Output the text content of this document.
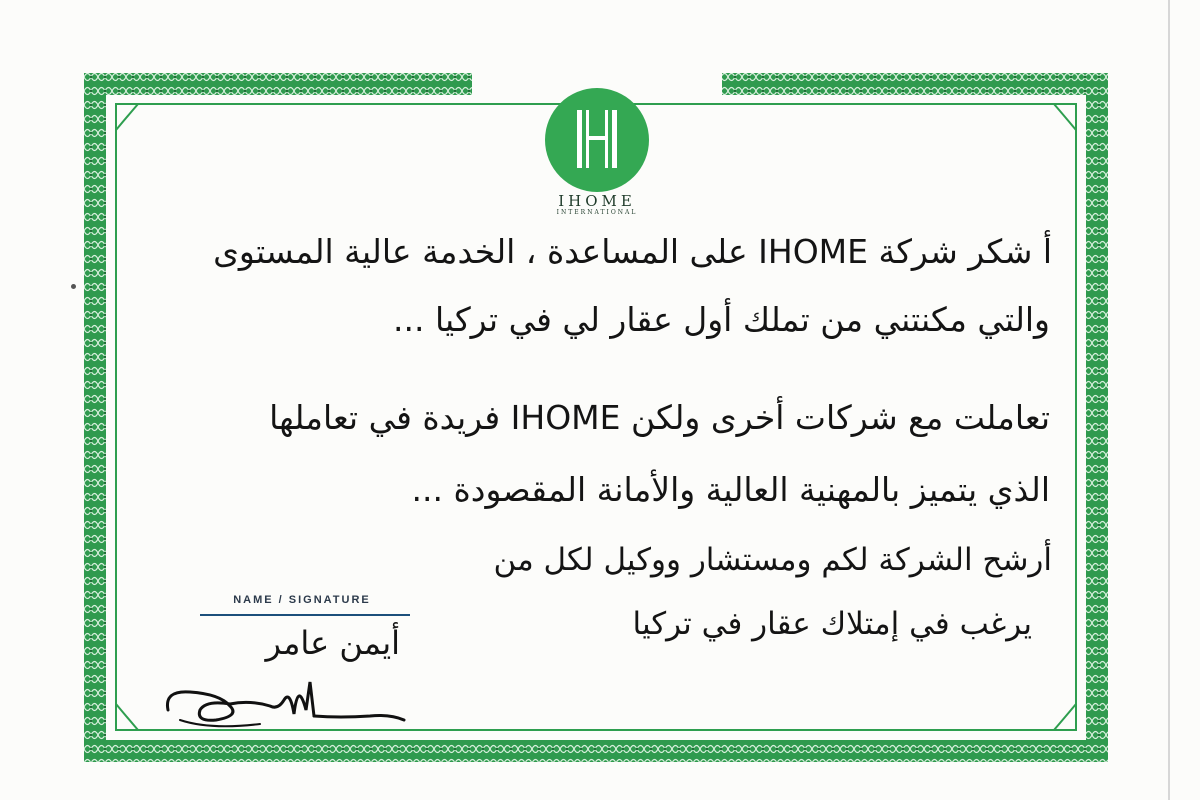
IHOME
INTERNATIONAL
أ شكر شركة IHOME على المساعدة ، الخدمة عالية المستوى
والتي مكنتني من تملك أول عقار لي في تركيا ...
تعاملت مع شركات أخرى ولكن IHOME فريدة في تعاملها
الذي يتميز بالمهنية العالية والأمانة المقصودة ...
أرشح الشركة لكم ومستشار ووكيل لكل من
يرغب في إمتلاك عقار في تركيا
NAME / SIGNATURE
أيمن عامر
